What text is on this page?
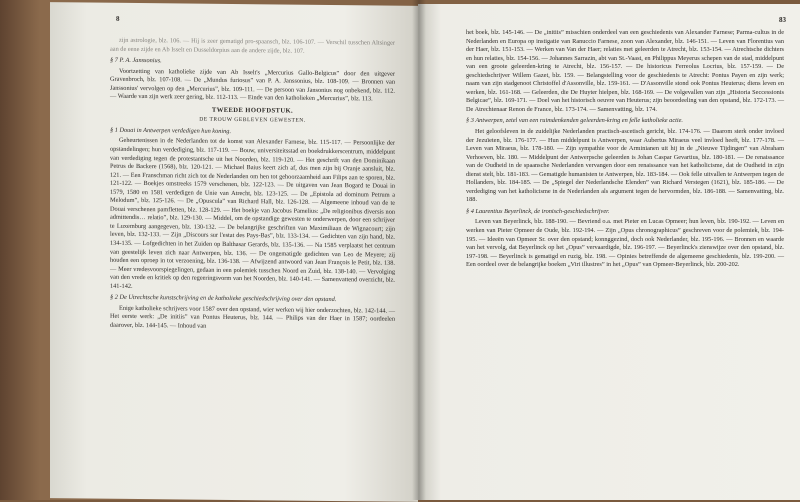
8

zijn astrologie, blz. 106. — Hij is zeer gematigd pro-spaansch, blz. 106-107. — Verschil tusschen Altsinger aan de eene zijde en Ab Isselt en Dusseldorpius aan de andere zijde, blz. 107.

§ 7 P. A. Janssonius.

Voortzetting van katholieke zijde van Ab Isselt's „Mercurius Gallo-Belgicus” door den uitgever Gravenbroch, blz. 107-108. — De „Mundus furiosus” van P. A. Janssonius, blz. 108-109. — Bronnen van Janssonius' vervolgen op den „Mercurius”, blz. 109-111. — De persoon van Jansonius nog onbekend, blz. 112. — Waarde van zijn werk zeer gering, blz. 112-113. — Einde van den katholieken „Mercurius”, blz. 113.

TWEEDE HOOFDSTUK.
DE TROUW GEBLEVEN GEWESTEN.
§ 1 Douai in Antwerpen verdedigen hun koning.

Geheurtenissen in de Nederlanden tot de komst van Alexander Farnese, blz. 115-117. — Persoonlijke der opstandelingen; hun verdediging, blz. 117-119. — Bouw, universiteitsstad en boekdrukkerscentrum, middelpunt van verdediging tegen de protestantsche uit het Noorden, blz. 119-120. — Het geschrift van den Dominikaan Petrus de Backere (1568), blz. 120-121. — Michael Baius keert zich af, dus men zijn bij Oranje aansluit, blz. 121. — Een Franschman richt zich tot de Nederlanden om hen tot gehoorzaamheid aan Filips aan te sporen, blz. 121-122. — Boekjes omstreeks 1579 verschenen, blz. 122-123. — De uitgaven van Jean Bogard te Douai in 1579, 1580 en 1581 verdedigen de Unie van Atrecht, blz. 123-125. — De „Epistola ad dominum Petrum a Melodum”, blz. 125-126. — De „Opuscula” van Richard Hall, blz. 126-128. — Algemeene inhoud van de te Douai verschenen pamfletten, blz. 128-129. — Het boekje van Jacobus Pamelius: „De religionibus diversis non admittendis… relatio”, blz. 129-130. — Middel, om de opstandige gewesten te onderwerpen, door een schrijver te Luxemburg aangegeven, blz. 130-132. — De belangrijke geschriften van Maximiliaan de Wignacourt; zijn leven, blz. 132-133. — Zijn „Discours sur l'estat des Pays-Bas”, blz. 133-134. — Gedichten van zijn hand, blz. 134-135. — Lofgedichten in het Zuiden op Balthasar Gerards, blz. 135-136. — Na 1585 verplaatst het centrum van geestelijk leven zich naar Antwerpen, blz. 136. — De ongematigde gedichten van Leo de Meyere; zij houden een oproep in tot verzoening, blz. 136-138. — Afwijzend antwoord van Jean François le Petit, blz. 138. — Meer vredesvoorspiegelingen, gedaan in een polemiek tusschen Noord en Zuid, blz. 138-140. — Vervolging van den vrede en kritiek op den regeeringsvorm van het Noorden, blz. 140-141. — Samenvattend overzicht, blz. 141-142.

§ 2 De Utrechtsche kunstschrijving en de katholieke geschiedschrijving over den opstand.

Enige katholieke schrijvers voor 1587 over den opstand, wier werken wij hier onderzochten, blz. 142-144. — Het eerste werk: „De initiis” van Pontus Heuterus, blz. 144. — Philips van der Haer in 1587; oordeelen daarover, blz. 144-145. — Inhoud van

83

het boek, blz. 145-146. — De „initiis” misschien onderdeel van een geschiedenis van Alexander Farnese; Parma-cultus in de Nederlanden en Europa op instigatie van Ranuccio Farnese, zoon van Alexander, blz. 146-151. — Leven van Florentius van der Haer, blz. 151-153. — Werken van Van der Haer; relaties met geleerden te Atrecht, blz. 153-154. — Atrechtsche dichters en hun relaties, blz. 154-156. — Johannes Sarrazin, abt van St.-Vaast, en Philippus Meyerus schepen van de stad, middelpunt van een groote geleerden-kring te Atrecht, blz. 156-157. — De historicus Ferreolus Locrius, blz. 157-159. — De geschiedschrijver Willem Gazet, blz. 159. — Belangstelling voor de geschiedenis te Atrecht: Pontus Payen en zijn werk; naam van zijn stadgenoot Christoffel d'Assonville, blz. 159-161. — D'Assonville stond ook Pontus Heuterus; diens leven en werken, blz. 161-168. — Geleerden, die De Huyter hielpen, blz. 168-169. — De volgevallen van zijn „Historia Seccessionis Belgicae”, blz. 169-171. — Doel van het historisch oeuvre van Heuterus; zijn beoordeeling van den opstand, blz. 172-173. — De Atrechtenaar Renon de France, blz. 173-174. — Samenvatting, blz. 174.

§ 3 Antwerpen, zetel van een ruimdenkenden geleerden-kring en felle katholieke actie.

Het geloofsleven in de zuidelijke Nederlanden practisch-ascetisch gericht, blz. 174-176. — Daarom sterk onder invloed der Jezuïeten, blz. 176-177. — Hun middelpunt is Antwerpen, waar Aubertus Miraeus veel invloed heeft, blz. 177-178. — Leven van Miraeus, blz. 178-180. — Zijn sympathie voor de Arminianen uit hij in de „Nieuwe Tijdingen” van Abraham Verhoeven, blz. 180. — Middelpunt der Antwerpsche geleerden is Johan Caspar Gevartius, blz. 180-181. — De renaissance van de Oudheid in de spaansche Nederlanden vervangen door een renaissance van het katholicisme, dat de Oudheid in zijn dienst stelt, blz. 181-183. — Gematigde humanisten te Antwerpen, blz. 183-184. — Ook felle uitvallen te Antwerpen tegen de Hollanders, blz. 184-185. — De „Spiegel der Nederlandsche Elenden” van Richard Verstegen (1621), blz. 185-186. — De verdediging van het katholicisme in de Nederlanden als argument tegen de hervormden, blz. 186-188. — Samenvatting, blz. 188.

§ 4 Laurentius Beyerlinck, de ironisch-geschiedschrijver.

Leven van Beyerlinck, blz. 188-190. — Bevriend o.a. met Pieter en Lucas Opmeer; hun leven, blz. 190-192. — Leven en werken van Pieter Opmeer de Oude, blz. 192-194. — Zijn „Opus chronographicus” geschreven voor de polemiek, blz. 194-195. — Ideeën van Opmeer Sr. over den opstand; konnggezind, doch ook Nederlander, blz. 195-196. — Bronnen en waarde van het vervolg, dat Beyerlinck op het „Opus” vervaardigde, blz. 196-197. — Beyerlinck's zienswijze over den opstand, blz. 197-198. — Beyerlinck is gematigd en ruzig, blz. 198. — Opinies betreffende de algemeene geschiedenis, blz. 199-200. — Een oordeel over de belangrijke boeken „Viri illustres” in het „Opus” van Opmeer-Beyerlinck, blz. 200-202.
